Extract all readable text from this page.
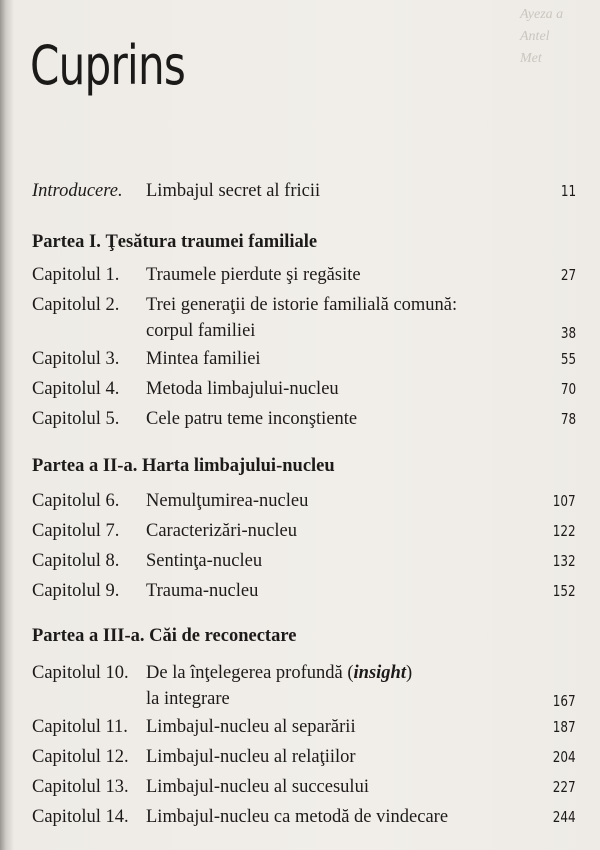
Ayeza a
Antel
Met
Cuprins
Introducere. Limbajul secret al fricii	11
Partea I. Ţesătura traumei familiale
Capitolul 1. Traumele pierdute şi regăsite	27
Capitolul 2. Trei generaţii de istorie familială comună:
corpul familiei	38
Capitolul 3. Mintea familiei	55
Capitolul 4. Metoda limbajului-nucleu	70
Capitolul 5. Cele patru teme inconştiente	78
Partea a II-a. Harta limbajului-nucleu
Capitolul 6. Nemulţumirea-nucleu	107
Capitolul 7. Caracterizări-nucleu	122
Capitolul 8. Sentinţa-nucleu	132
Capitolul 9. Trauma-nucleu	152
Partea a III-a. Căi de reconectare
Capitolul 10. De la înţelegerea profundă (insight)
la integrare	167
Capitolul 11. Limbajul-nucleu al separării	187
Capitolul 12. Limbajul-nucleu al relaţiilor	204
Capitolul 13. Limbajul-nucleu al succesului	227
Capitolul 14. Limbajul-nucleu ca metodă de vindecare	244
